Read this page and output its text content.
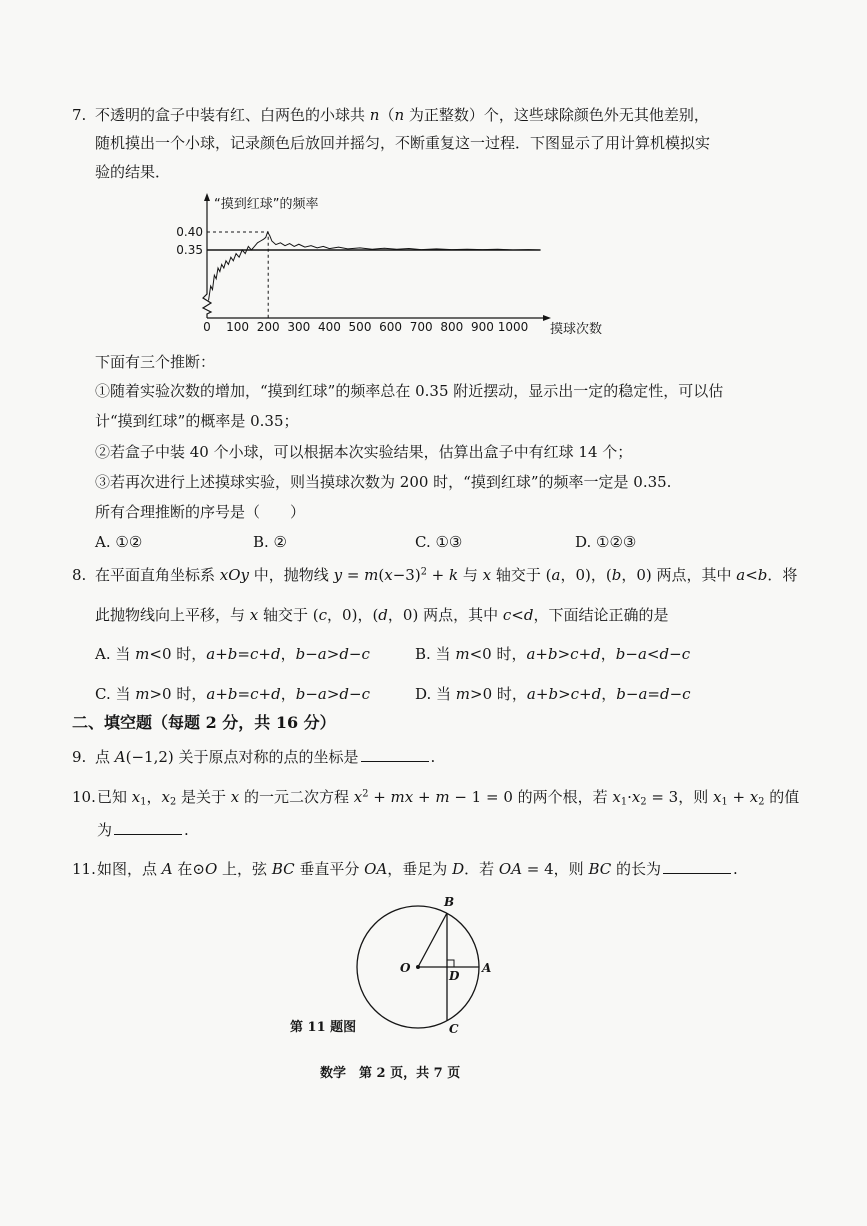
7. 不透明的盒子中装有红、白两色的小球共 n（n 为正整数）个，这些球除颜色外无其他差别，
随机摸出一个小球，记录颜色后放回并摇匀，不断重复这一过程．下图显示了用计算机模拟实
验的结果．
“摸到红球”的频率
摸球次数
0.40
0.35
0 100 200 300 400 500 600 700 800 900 1000
下面有三个推断：
①随着实验次数的增加，“摸到红球”的频率总在 0.35 附近摆动，显示出一定的稳定性，可以估
计“摸到红球”的概率是 0.35；
②若盒子中装 40 个小球，可以根据本次实验结果，估算出盒子中有红球 14 个；
③若再次进行上述摸球实验，则当摸球次数为 200 时，“摸到红球”的频率一定是 0.35.
所有合理推断的序号是（　　）
A. ①②	B. ②	C. ①③	D. ①②③
8. 在平面直角坐标系 xOy 中，抛物线 $y = m(x-3)^2 + k$ 与 x 轴交于 (a，0)，(b，0) 两点，其中 a<b．将
此抛物线向上平移，与 x 轴交于 (c，0)，(d，0) 两点，其中 c<d，下面结论正确的是
A. 当 m<0 时，a+b=c+d，b−a>d−c	B. 当 m<0 时，a+b>c+d，b−a<d−c
C. 当 m>0 时，a+b=c+d，b−a>d−c	D. 当 m>0 时，a+b>c+d，b−a=d−c
二、填空题（每题 2 分，共 16 分）
9. 点 A(−1,2) 关于原点对称的点的坐标是	.
10. 已知 $x_1$，$x_2$ 是关于 x 的一元二次方程 $x^2$ + mx + m − 1 = 0 的两个根，若 $x_1\cdot x_2 = 3$，则 $x_1 + x_2$ 的值
为	.
11. 如图，点 A 在⊙O 上，弦 BC 垂直平分 OA，垂足为 D．若 OA = 4，则 BC 的长为	.
B
O
D
A
C
第 11 题图
数学　第 2 页，共 7 页
